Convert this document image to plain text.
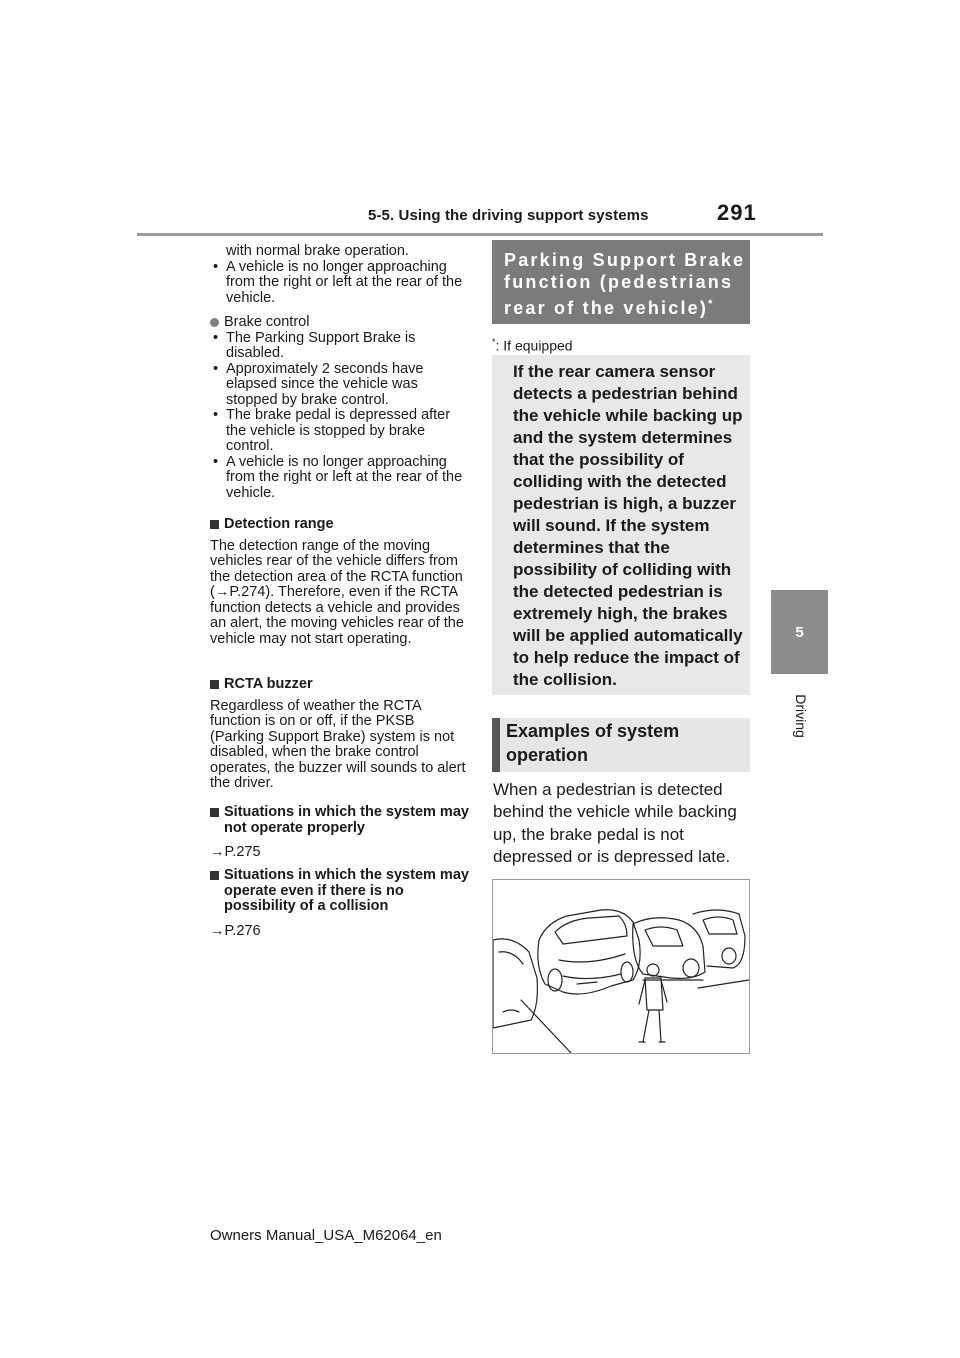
5-5. Using the driving support systems	291
5
Driving

with normal brake operation.

• A vehicle is no longer approaching from the right or left at the rear of the vehicle.

Brake control

• The Parking Support Brake is disabled.

• Approximately 2 seconds have elapsed since the vehicle was stopped by brake control.

• The brake pedal is depressed after the vehicle is stopped by brake control.

• A vehicle is no longer approaching from the right or left at the rear of the vehicle.

Detection range

The detection range of the moving vehicles rear of the vehicle differs from the detection area of the RCTA function (→P.274). Therefore, even if the RCTA function detects a vehicle and provides an alert, the moving vehicles rear of the vehicle may not start operating.

RCTA buzzer

Regardless of weather the RCTA function is on or off, if the PKSB (Parking Support Brake) system is not disabled, when the brake control operates, the buzzer will sounds to alert the driver.

Situations in which the system may not operate properly

→P.275

Situations in which the system may operate even if there is no possibility of a collision

→P.276

Parking Support Brake function (pedestrians rear of the vehicle)*
*: If equipped
If the rear camera sensor detects a pedestrian behind the vehicle while backing up and the system determines that the possibility of colliding with the detected pedestrian is high, a buzzer will sound. If the system determines that the possibility of colliding with the detected pedestrian is extremely high, the brakes will be applied automatically to help reduce the impact of the collision.
Examples of system operation
When a pedestrian is detected behind the vehicle while backing up, the brake pedal is not depressed or is depressed late.
Owners Manual_USA_M62064_en
